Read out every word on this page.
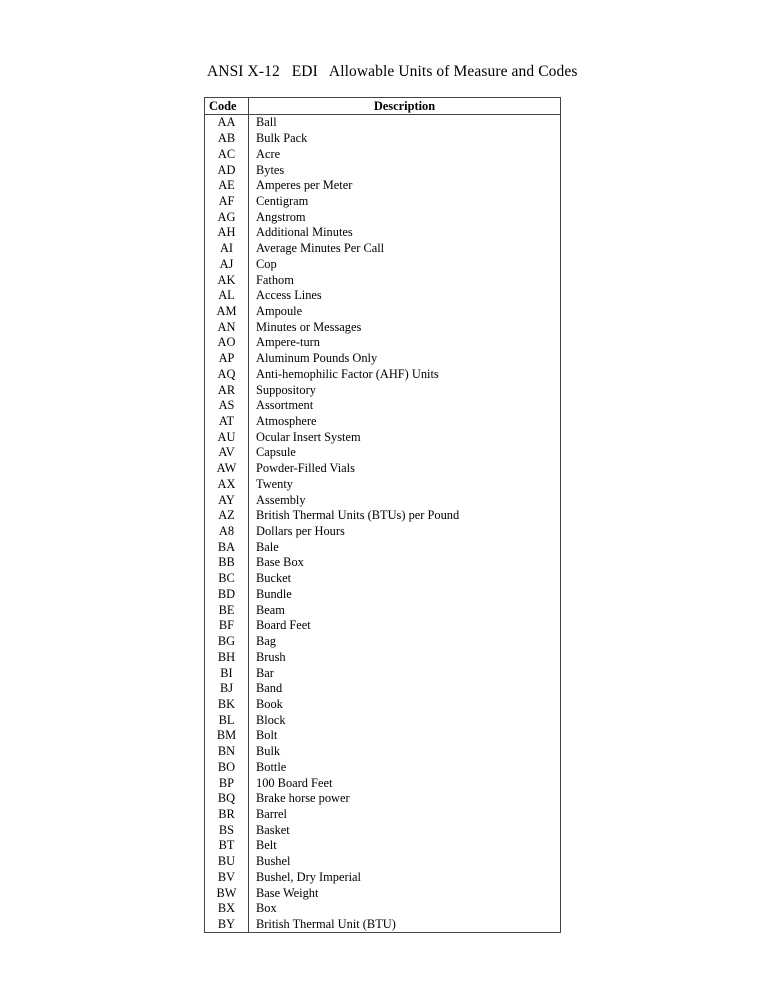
ANSI X-12   EDI   Allowable Units of Measure and Codes
Code	Description
AA	Ball
AB	Bulk Pack
AC	Acre
AD	Bytes
AE	Amperes per Meter
AF	Centigram
AG	Angstrom
AH	Additional Minutes
AI	Average Minutes Per Call
AJ	Cop
AK	Fathom
AL	Access Lines
AM	Ampoule
AN	Minutes or Messages
AO	Ampere-turn
AP	Aluminum Pounds Only
AQ	Anti-hemophilic Factor (AHF) Units
AR	Suppository
AS	Assortment
AT	Atmosphere
AU	Ocular Insert System
AV	Capsule
AW	Powder-Filled Vials
AX	Twenty
AY	Assembly
AZ	British Thermal Units (BTUs) per Pound
A8	Dollars per Hours
BA	Bale
BB	Base Box
BC	Bucket
BD	Bundle
BE	Beam
BF	Board Feet
BG	Bag
BH	Brush
BI	Bar
BJ	Band
BK	Book
BL	Block
BM	Bolt
BN	Bulk
BO	Bottle
BP	100 Board Feet
BQ	Brake horse power
BR	Barrel
BS	Basket
BT	Belt
BU	Bushel
BV	Bushel, Dry Imperial
BW	Base Weight
BX	Box
BY	British Thermal Unit (BTU)
